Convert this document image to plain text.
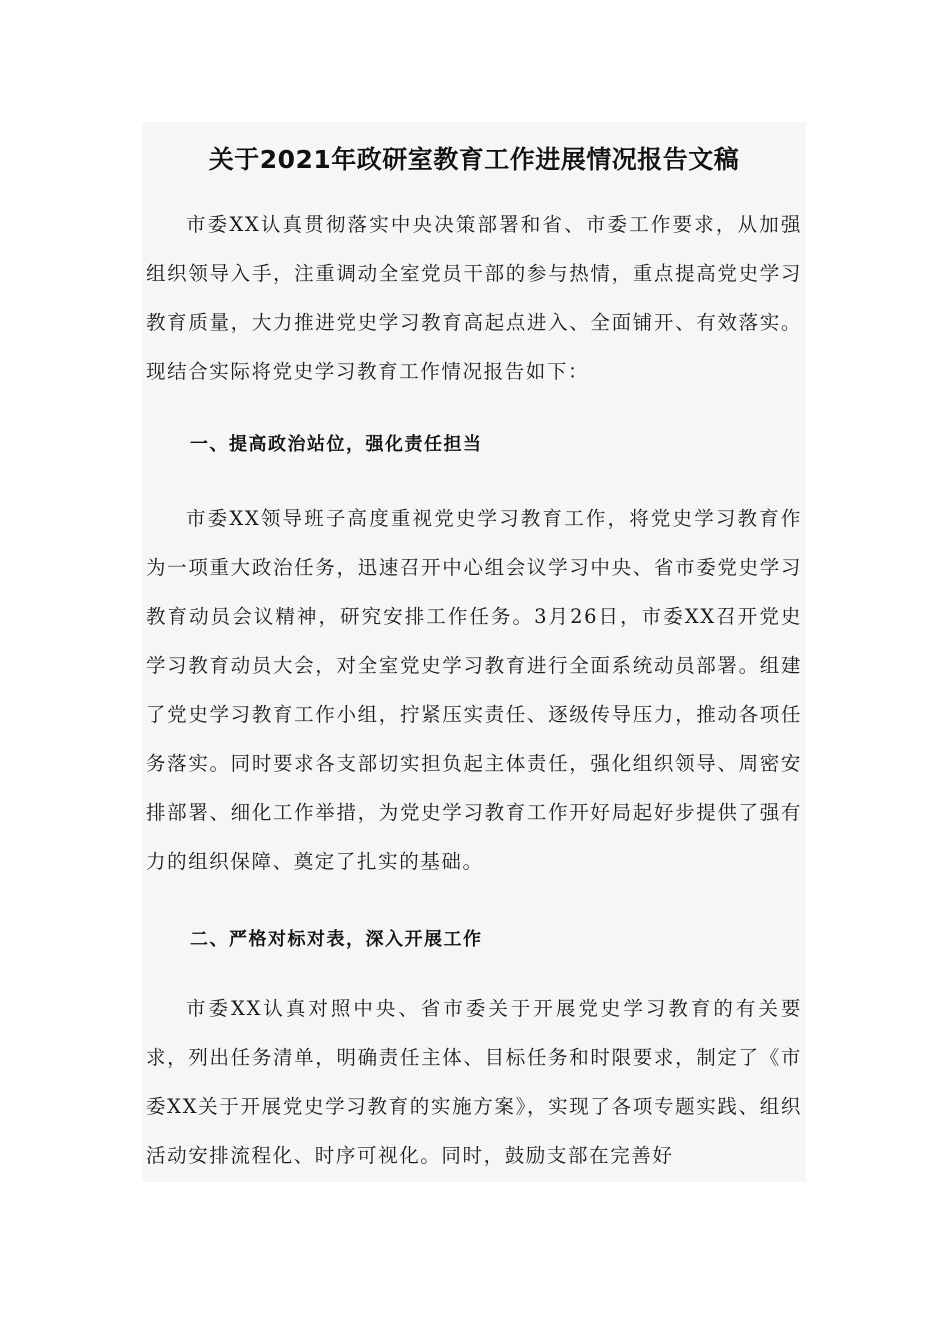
关于2021年政研室教育工作进展情况报告文稿

市委XX认真贯彻落实中央决策部署和省、市委工作要求，从加强组织领导入手，注重调动全室党员干部的参与热情，重点提高党史学习教育质量，大力推进党史学习教育高起点进入、全面铺开、有效落实。现结合实际将党史学习教育工作情况报告如下：

一、提高政治站位，强化责任担当

市委XX领导班子高度重视党史学习教育工作，将党史学习教育作为一项重大政治任务，迅速召开中心组会议学习中央、省市委党史学习教育动员会议精神，研究安排工作任务。3月26日，市委XX召开党史学习教育动员大会，对全室党史学习教育进行全面系统动员部署。组建了党史学习教育工作小组，拧紧压实责任、逐级传导压力，推动各项任务落实。同时要求各支部切实担负起主体责任，强化组织领导、周密安排部署、细化工作举措，为党史学习教育工作开好局起好步提供了强有力的组织保障、奠定了扎实的基础。

二、严格对标对表，深入开展工作

市委XX认真对照中央、省市委关于开展党史学习教育的有关要求，列出任务清单，明确责任主体、目标任务和时限要求，制定了《市委XX关于开展党史学习教育的实施方案》，实现了各项专题实践、组织活动安排流程化、时序可视化。同时，鼓励支部在完善好
